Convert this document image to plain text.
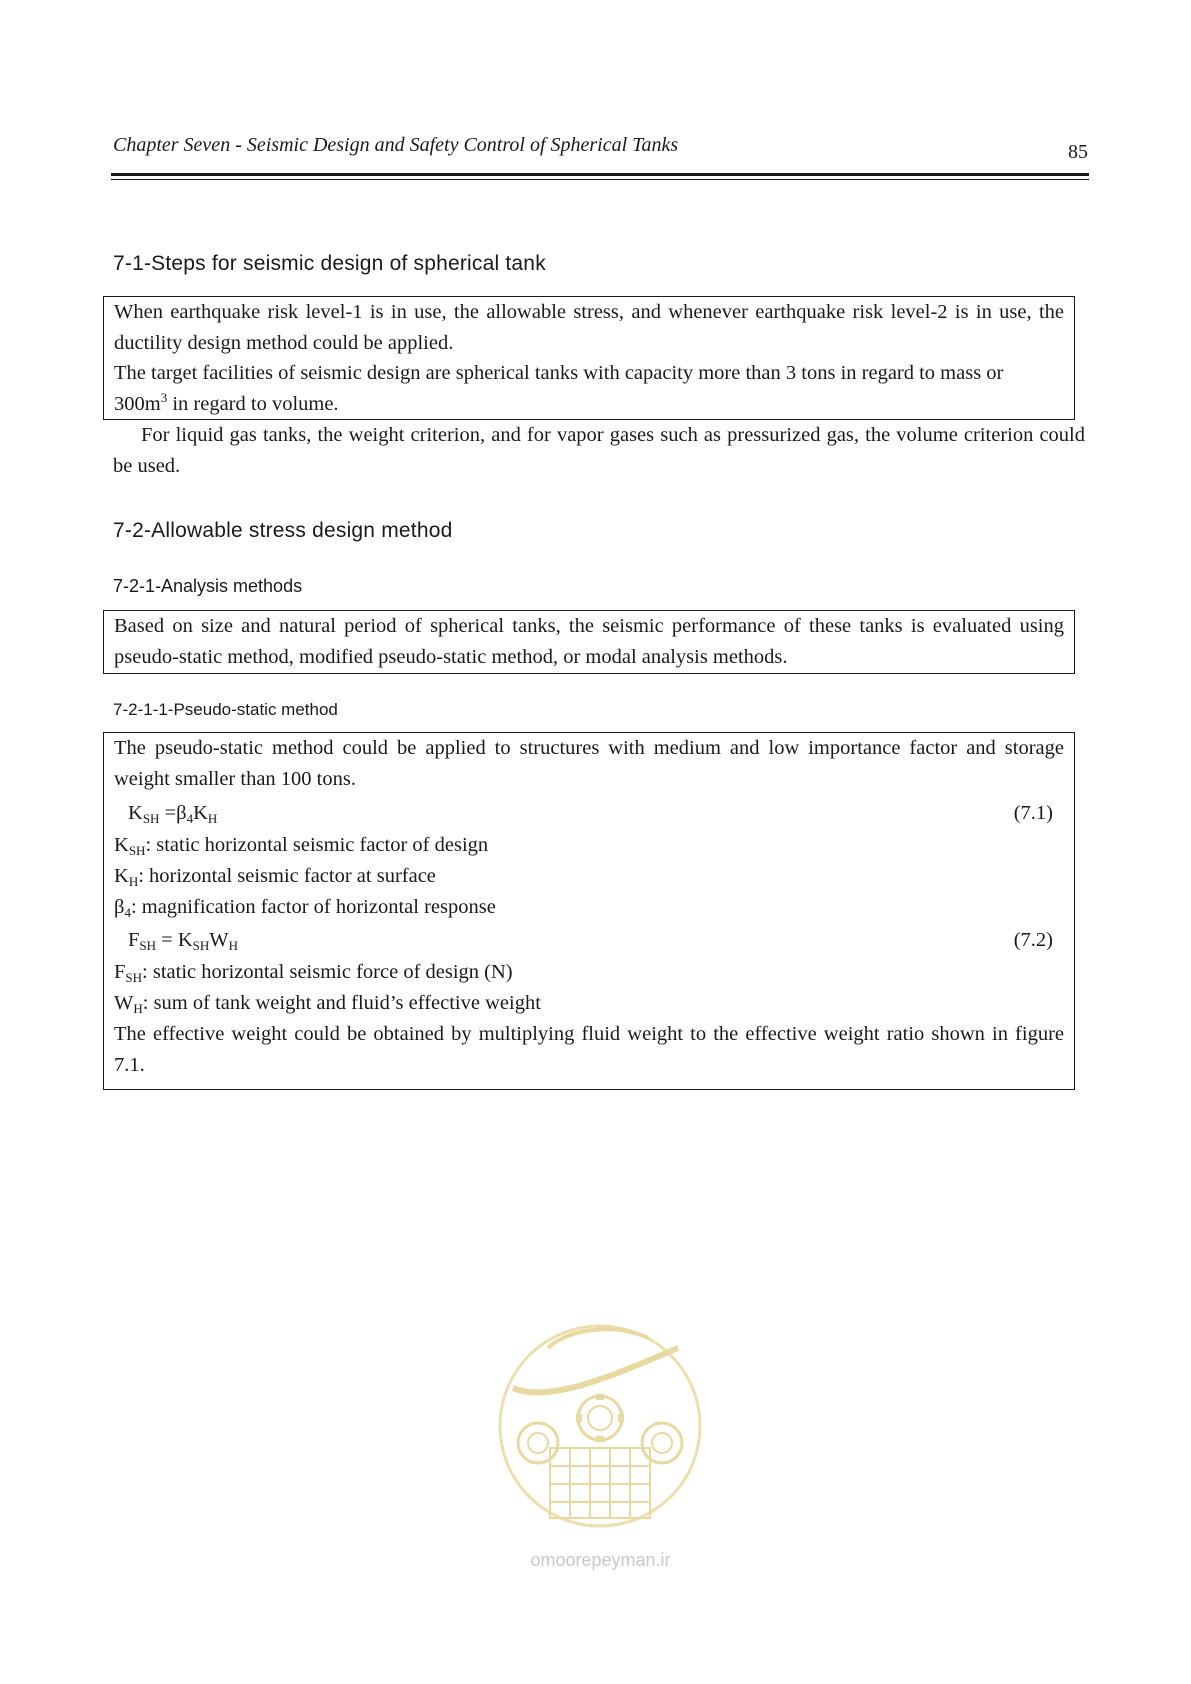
Chapter Seven - Seismic Design and Safety Control of Spherical Tanks	85
7-1-Steps for seismic design of spherical tank

When earthquake risk level-1 is in use, the allowable stress, and whenever earthquake risk level-2 is in use, the ductility design method could be applied.

The target facilities of seismic design are spherical tanks with capacity more than 3 tons in regard to mass or

$300m^3$ in regard to volume.

For liquid gas tanks, the weight criterion, and for vapor gases such as pressurized gas, the volume criterion could be used.

7-2-Allowable stress design method
7-2-1-Analysis methods

Based on size and natural period of spherical tanks, the seismic performance of these tanks is evaluated using pseudo-static method, modified pseudo-static method, or modal analysis methods.

7-2-1-1-Pseudo-static method

The pseudo-static method could be applied to structures with medium and low importance factor and storage weight smaller than 100 tons.

$K_{SH} =\beta_4K_H$	(7.1)

$K_{SH}$: static horizontal seismic factor of design

$K_H$: horizontal seismic factor at surface

$\beta_4$: magnification factor of horizontal response

$F_{SH} = K_{SH}W_H$	(7.2)

$F_{SH}$: static horizontal seismic force of design (N)

$W_H$: sum of tank weight and fluid’s effective weight

The effective weight could be obtained by multiplying fluid weight to the effective weight ratio shown in figure 7.1.

omoorepeyman.ir
